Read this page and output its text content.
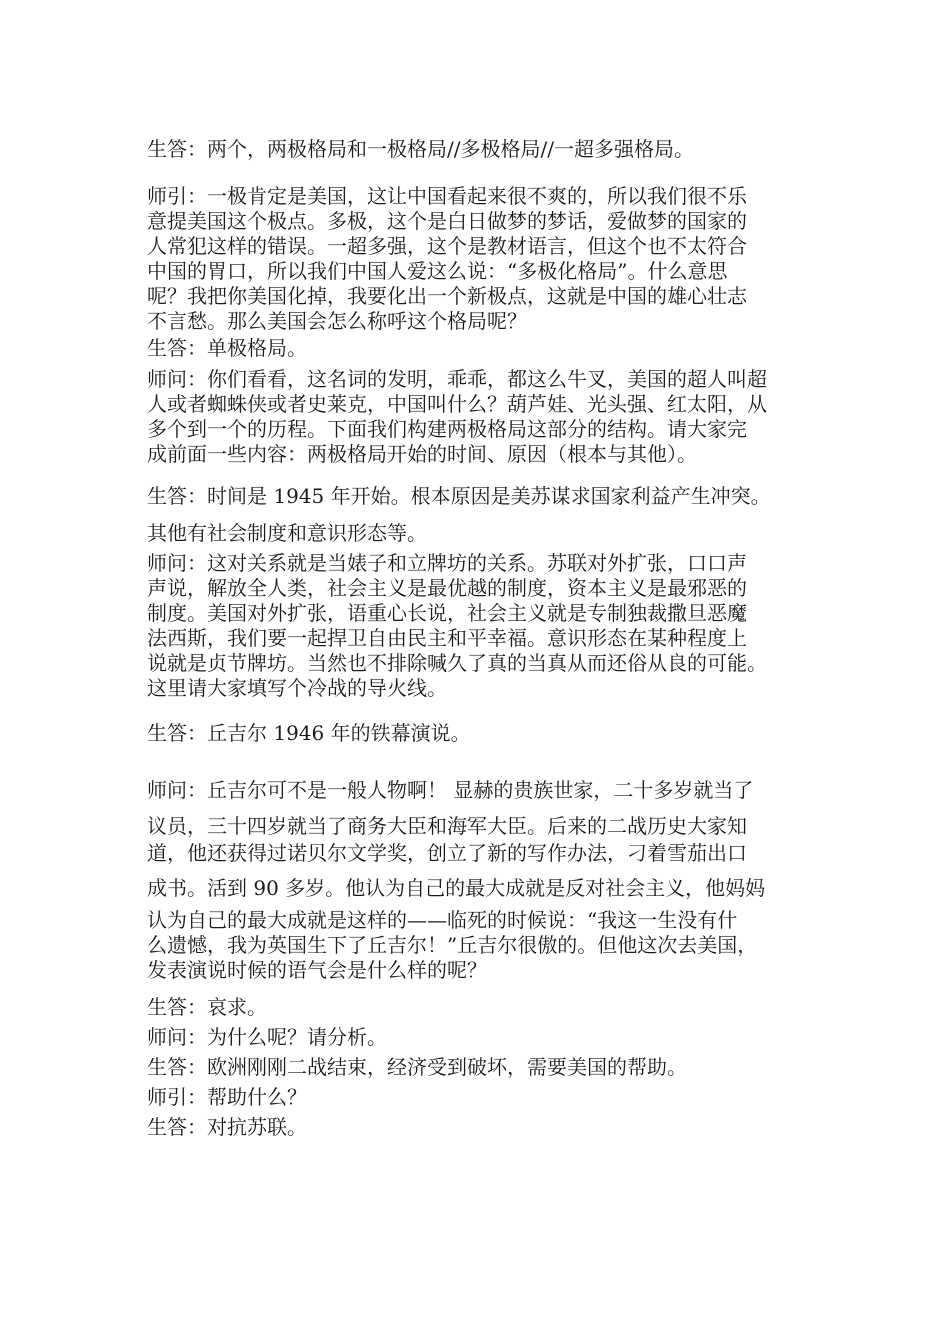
生答：两个，两极格局和一极格局//多极格局//一超多强格局。
师引：一极肯定是美国，这让中国看起来很不爽的，所以我们很不乐
意提美国这个极点。多极，这个是白日做梦的梦话，爱做梦的国家的
人常犯这样的错误。一超多强，这个是教材语言，但这个也不太符合
中国的胃口，所以我们中国人爱这么说：“多极化格局”。什么意思
呢？我把你美国化掉，我要化出一个新极点，这就是中国的雄心壮志
不言愁。那么美国会怎么称呼这个格局呢？
生答：单极格局。
师问：你们看看，这名词的发明，乖乖，都这么牛叉，美国的超人叫超
人或者蜘蛛侠或者史莱克，中国叫什么？葫芦娃、光头强、红太阳，从
多个到一个的历程。下面我们构建两极格局这部分的结构。请大家完
成前面一些内容：两极格局开始的时间、原因（根本与其他）。
生答：时间是 1945 年开始。根本原因是美苏谋求国家利益产生冲突。
其他有社会制度和意识形态等。
师问：这对关系就是当婊子和立牌坊的关系。苏联对外扩张，口口声
声说，解放全人类，社会主义是最优越的制度，资本主义是最邪恶的
制度。美国对外扩张，语重心长说，社会主义就是专制独裁撒旦恶魔
法西斯，我们要一起捍卫自由民主和平幸福。意识形态在某种程度上
说就是贞节牌坊。当然也不排除喊久了真的当真从而还俗从良的可能。
这里请大家填写个冷战的导火线。
生答：丘吉尔 1946 年的铁幕演说。
师问：丘吉尔可不是一般人物啊！ 显赫的贵族世家，二十多岁就当了
议员，三十四岁就当了商务大臣和海军大臣。后来的二战历史大家知
道，他还获得过诺贝尔文学奖，创立了新的写作办法，刁着雪茄出口
成书。活到 90 多岁。他认为自己的最大成就是反对社会主义，他妈妈
认为自己的最大成就是这样的——临死的时候说：“我这一生没有什
么遗憾，我为英国生下了丘吉尔！”丘吉尔很傲的。但他这次去美国，
发表演说时候的语气会是什么样的呢？
生答：哀求。
师问：为什么呢？请分析。
生答：欧洲刚刚二战结束，经济受到破坏，需要美国的帮助。
师引：帮助什么？
生答：对抗苏联。
